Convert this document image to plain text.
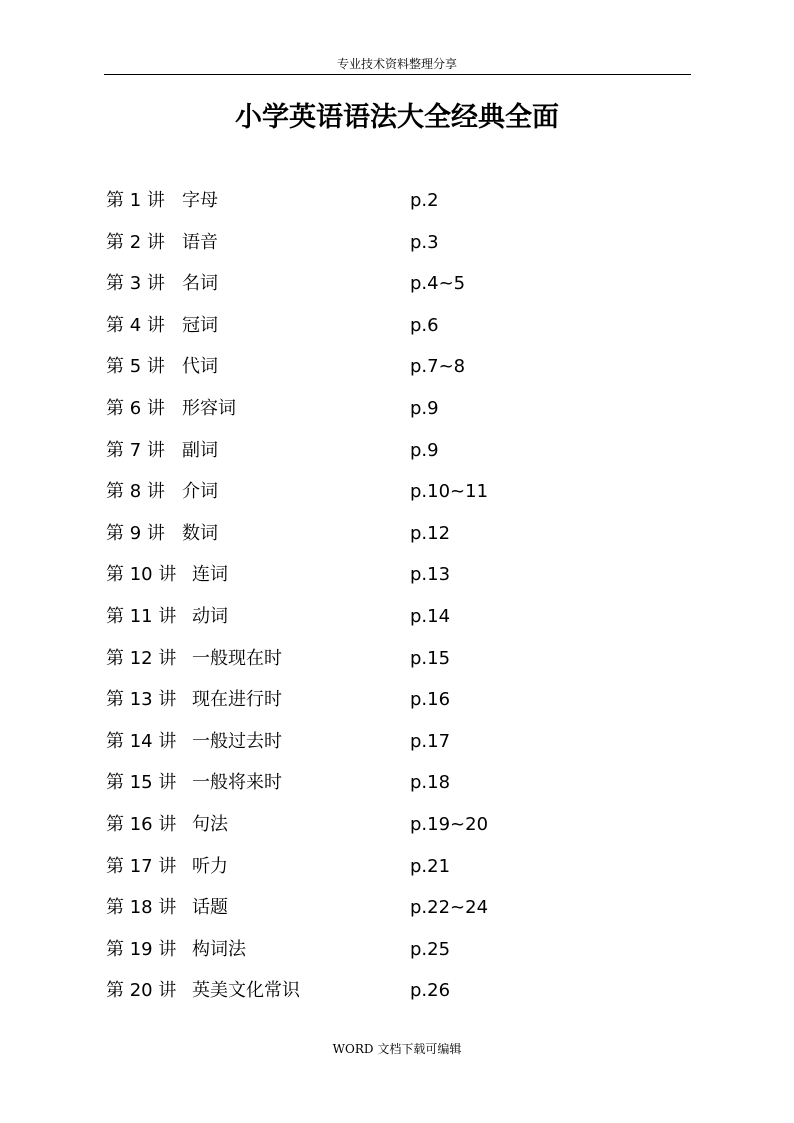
专业技术资料整理分享
小学英语语法大全经典全面
第 1 讲 字母	p.2
第 2 讲 语音	p.3
第 3 讲 名词	p.4~5
第 4 讲 冠词	p.6
第 5 讲 代词	p.7~8
第 6 讲 形容词	p.9
第 7 讲 副词	p.9
第 8 讲 介词	p.10~11
第 9 讲 数词	p.12
第 10 讲 连词	p.13
第 11 讲 动词	p.14
第 12 讲 一般现在时	p.15
第 13 讲 现在进行时	p.16
第 14 讲 一般过去时	p.17
第 15 讲 一般将来时	p.18
第 16 讲 句法	p.19~20
第 17 讲 听力	p.21
第 18 讲 话题	p.22~24
第 19 讲 构词法	p.25
第 20 讲 英美文化常识	p.26
WORD 文档下载可编辑
